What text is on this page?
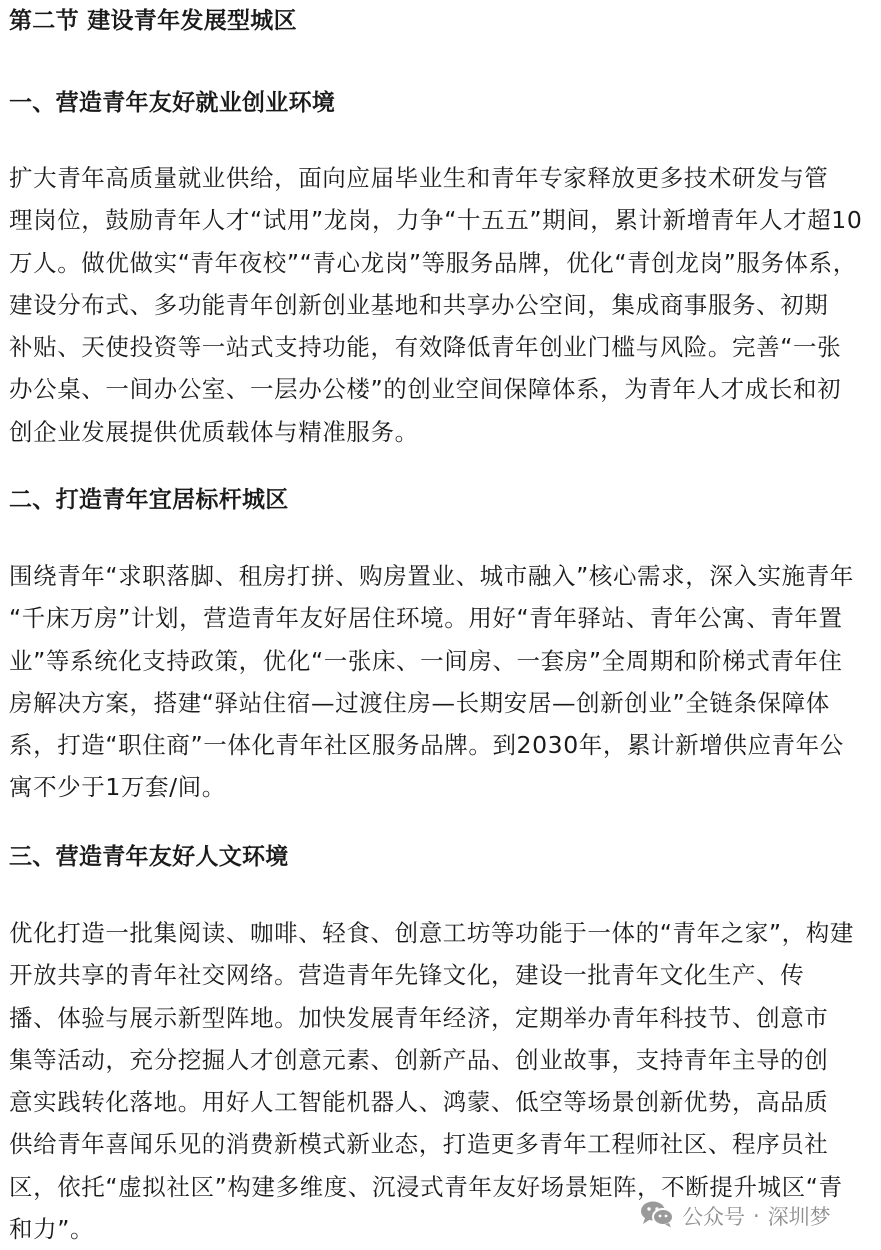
第二节 建设青年发展型城区
一、营造青年友好就业创业环境
扩大青年高质量就业供给，面向应届毕业生和青年专家释放更多技术研发与管
理岗位，鼓励青年人才“试用”龙岗，力争“十五五”期间，累计新增青年人才超10
万人。做优做实“青年夜校”“青心龙岗”等服务品牌，优化“青创龙岗”服务体系，
建设分布式、多功能青年创新创业基地和共享办公空间，集成商事服务、初期
补贴、天使投资等一站式支持功能，有效降低青年创业门槛与风险。完善“一张
办公桌、一间办公室、一层办公楼”的创业空间保障体系，为青年人才成长和初
创企业发展提供优质载体与精准服务。
二、打造青年宜居标杆城区
围绕青年“求职落脚、租房打拼、购房置业、城市融入”核心需求，深入实施青年
“千床万房”计划，营造青年友好居住环境。用好“青年驿站、青年公寓、青年置
业”等系统化支持政策，优化“一张床、一间房、一套房”全周期和阶梯式青年住
房解决方案，搭建“驿站住宿—过渡住房—长期安居—创新创业”全链条保障体
系，打造“职住商”一体化青年社区服务品牌。到2030年，累计新增供应青年公
寓不少于1万套/间。
三、营造青年友好人文环境
优化打造一批集阅读、咖啡、轻食、创意工坊等功能于一体的“青年之家”，构建
开放共享的青年社交网络。营造青年先锋文化，建设一批青年文化生产、传
播、体验与展示新型阵地。加快发展青年经济，定期举办青年科技节、创意市
集等活动，充分挖掘人才创意元素、创新产品、创业故事，支持青年主导的创
意实践转化落地。用好人工智能机器人、鸿蒙、低空等场景创新优势，高品质
供给青年喜闻乐见的消费新模式新业态，打造更多青年工程师社区、程序员社
区，依托“虚拟社区”构建多维度、沉浸式青年友好场景矩阵，不断提升城区“青
和力”。	公众号 · 深圳梦
